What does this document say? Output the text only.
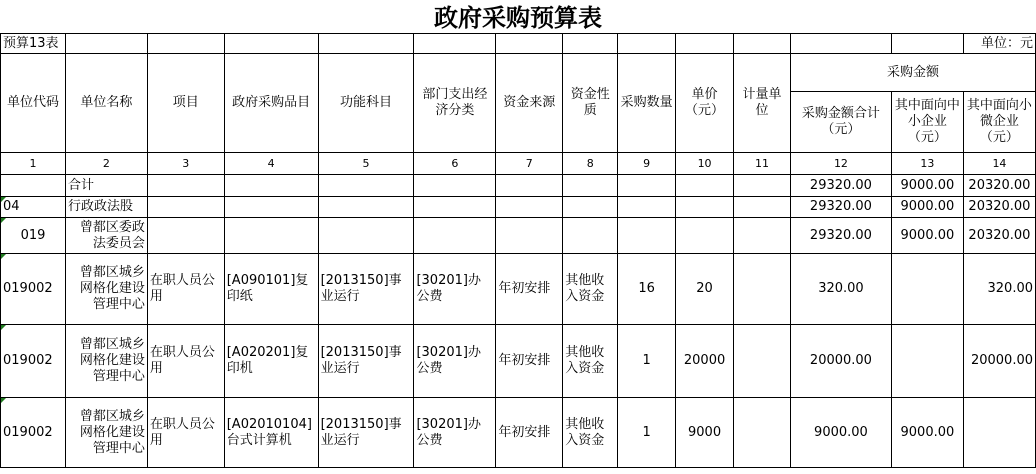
政府采购预算表
预算13表													单位：元
单位代码	单位名称	项目	政府采购品目	功能科目	部门支出经济分类	资金来源	资金性质	采购数量	单价（元）	计量单位	采购金额		
											采购金额合计（元）	其中面向中小企业（元）	其中面向小微企业（元）
1	2	3	4	5	6	7	8	9	10	11	12	13	14
	合计										29320.00	9000.00	20320.00
04	行政政法股										29320.00	9000.00	20320.00
019	曾都区委政法委员会										29320.00	9000.00	20320.00
019002	曾都区城乡网格化建设管理中心	在职人员公用	[A090101]复印纸	[2013150]事业运行	[30201]办公费	年初安排	其他收入资金	16	20		320.00		320.00
019002	曾都区城乡网格化建设管理中心	在职人员公用	[A020201]复印机	[2013150]事业运行	[30201]办公费	年初安排	其他收入资金	1	20000		20000.00		20000.00
019002	曾都区城乡网格化建设管理中心	在职人员公用	[A02010104]台式计算机	[2013150]事业运行	[30201]办公费	年初安排	其他收入资金	1	9000		9000.00	9000.00	
